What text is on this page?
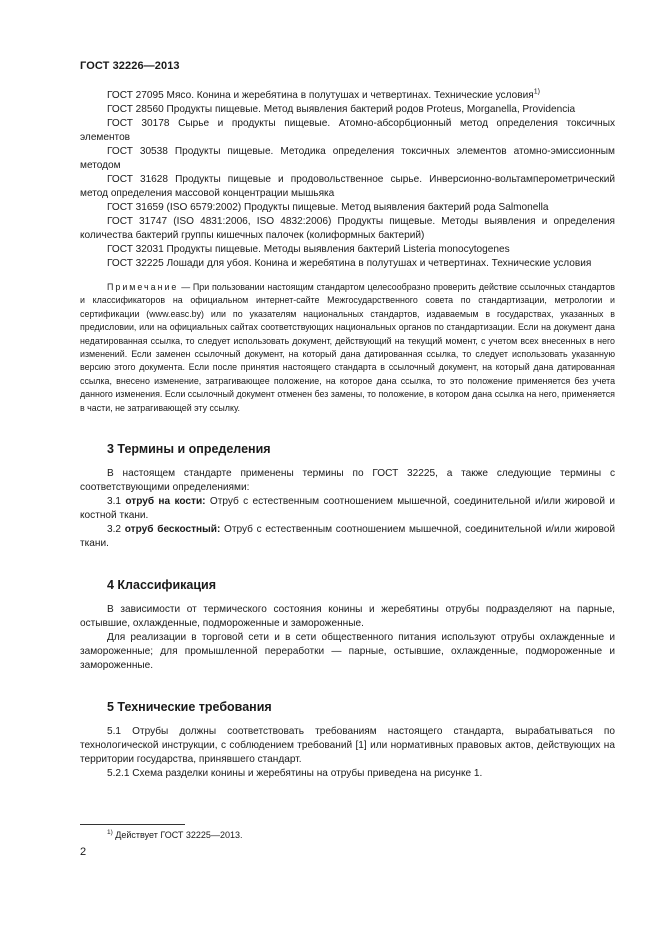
ГОСТ 32226—2013

ГОСТ 27095 Мясо. Конина и жеребятина в полутушах и четвертинах. Технические условия$^{1)}$

ГОСТ 28560 Продукты пищевые. Метод выявления бактерий родов Proteus, Morganella, Providencia

ГОСТ 30178 Сырье и продукты пищевые. Атомно-абсорбционный метод определения токсичных элементов

ГОСТ 30538 Продукты пищевые. Методика определения токсичных элементов атомно-эмиссионным методом

ГОСТ 31628 Продукты пищевые и продовольственное сырье. Инверсионно-вольтамперометрический метод определения массовой концентрации мышьяка

ГОСТ 31659 (ISO 6579:2002) Продукты пищевые. Метод выявления бактерий рода Salmonella

ГОСТ 31747 (ISO 4831:2006, ISO 4832:2006) Продукты пищевые. Методы выявления и определения количества бактерий группы кишечных палочек (колиформных бактерий)

ГОСТ 32031 Продукты пищевые. Методы выявления бактерий Listeria monocytogenes

ГОСТ 32225 Лошади для убоя. Конина и жеребятина в полутушах и четвертинах. Технические условия

Примечание — При пользовании настоящим стандартом целесообразно проверить действие ссылочных стандартов и классификаторов на официальном интернет-сайте Межгосударственного совета по стандартизации, метрологии и сертификации (www.easc.by) или по указателям национальных стандартов, издаваемым в государствах, указанных в предисловии, или на официальных сайтах соответствующих национальных органов по стандартизации. Если на документ дана недатированная ссылка, то следует использовать документ, действующий на текущий момент, с учетом всех внесенных в него изменений. Если заменен ссылочный документ, на который дана датированная ссылка, то следует использовать указанную версию этого документа. Если после принятия настоящего стандарта в ссылочный документ, на который дана датированная ссылка, внесено изменение, затрагивающее положение, на которое дана ссылка, то это положение применяется без учета данного изменения. Если ссылочный документ отменен без замены, то положение, в котором дана ссылка на него, применяется в части, не затрагивающей эту ссылку.

3 Термины и определения

В настоящем стандарте применены термины по ГОСТ 32225, а также следующие термины с соответствующими определениями:

3.1 отруб на кости: Отруб с естественным соотношением мышечной, соединительной и/или жировой и костной ткани.

3.2 отруб бескостный: Отруб с естественным соотношением мышечной, соединительной и/или жировой ткани.

4 Классификация

В зависимости от термического состояния конины и жеребятины отрубы подразделяют на парные, остывшие, охлажденные, подмороженные и замороженные.

Для реализации в торговой сети и в сети общественного питания используют отрубы охлажденные и замороженные; для промышленной переработки — парные, остывшие, охлажденные, подмороженные и замороженные.

5 Технические требования

5.1 Отрубы должны соответствовать требованиям настоящего стандарта, вырабатываться по технологической инструкции, с соблюдением требований [1] или нормативных правовых актов, действующих на территории государства, принявшего стандарт.

5.2.1 Схема разделки конины и жеребятины на отрубы приведена на рисунке 1.

$^{1)}$ Действует ГОСТ 32225—2013.
2
